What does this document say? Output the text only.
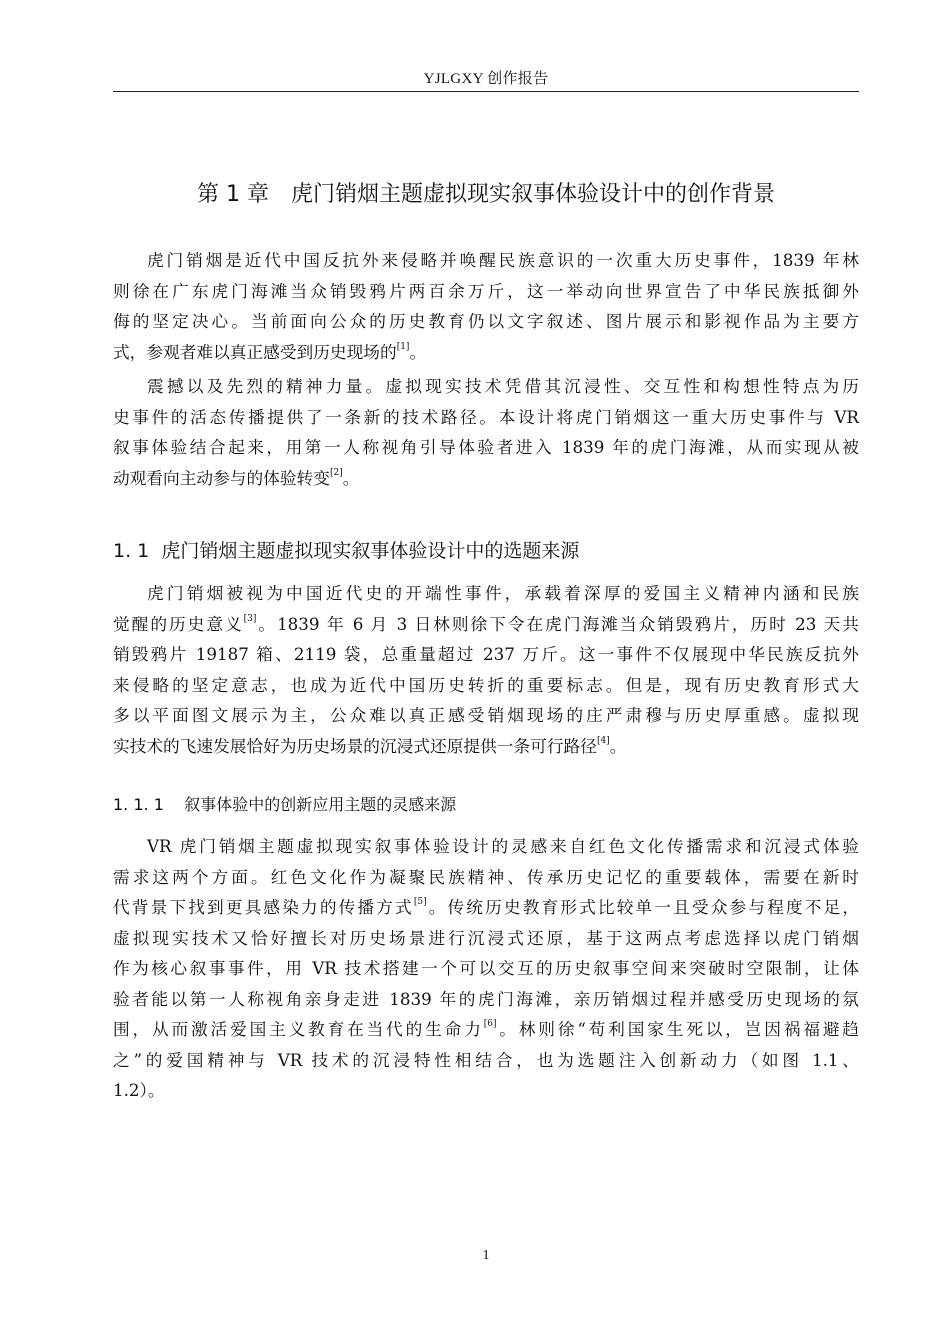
YJLGXY 创作报告
第 1 章　虎门销烟主题虚拟现实叙事体验设计中的创作背景
虎门销烟是近代中国反抗外来侵略并唤醒民族意识的一次重大历史事件，1839 年林
则徐在广东虎门海滩当众销毁鸦片两百余万斤，这一举动向世界宣告了中华民族抵御外
侮的坚定决心。当前面向公众的历史教育仍以文字叙述、图片展示和影视作品为主要方
式，参观者难以真正感受到历史现场的[1]。
震撼以及先烈的精神力量。虚拟现实技术凭借其沉浸性、交互性和构想性特点为历
史事件的活态传播提供了一条新的技术路径。本设计将虎门销烟这一重大历史事件与 VR
叙事体验结合起来，用第一人称视角引导体验者进入 1839 年的虎门海滩，从而实现从被
动观看向主动参与的体验转变[2]。
1. 1  虎门销烟主题虚拟现实叙事体验设计中的选题来源
虎门销烟被视为中国近代史的开端性事件，承载着深厚的爱国主义精神内涵和民族
觉醒的历史意义[3]。1839 年 6 月 3 日林则徐下令在虎门海滩当众销毁鸦片，历时 23 天共
销毁鸦片 19187 箱、2119 袋，总重量超过 237 万斤。这一事件不仅展现中华民族反抗外
来侵略的坚定意志，也成为近代中国历史转折的重要标志。但是，现有历史教育形式大
多以平面图文展示为主，公众难以真正感受销烟现场的庄严肃穆与历史厚重感。虚拟现
实技术的飞速发展恰好为历史场景的沉浸式还原提供一条可行路径[4]。
1. 1. 1    叙事体验中的创新应用主题的灵感来源
VR 虎门销烟主题虚拟现实叙事体验设计的灵感来自红色文化传播需求和沉浸式体验
需求这两个方面。红色文化作为凝聚民族精神、传承历史记忆的重要载体，需要在新时
代背景下找到更具感染力的传播方式[5]。传统历史教育形式比较单一且受众参与程度不足，
虚拟现实技术又恰好擅长对历史场景进行沉浸式还原，基于这两点考虑选择以虎门销烟
作为核心叙事事件，用 VR 技术搭建一个可以交互的历史叙事空间来突破时空限制，让体
验者能以第一人称视角亲身走进 1839 年的虎门海滩，亲历销烟过程并感受历史现场的氛
围，从而激活爱国主义教育在当代的生命力[6]。林则徐“苟利国家生死以，岂因祸福避趋
之”的爱国精神与 VR 技术的沉浸特性相结合，也为选题注入创新动力（如图 1.1、
1.2）。
1
